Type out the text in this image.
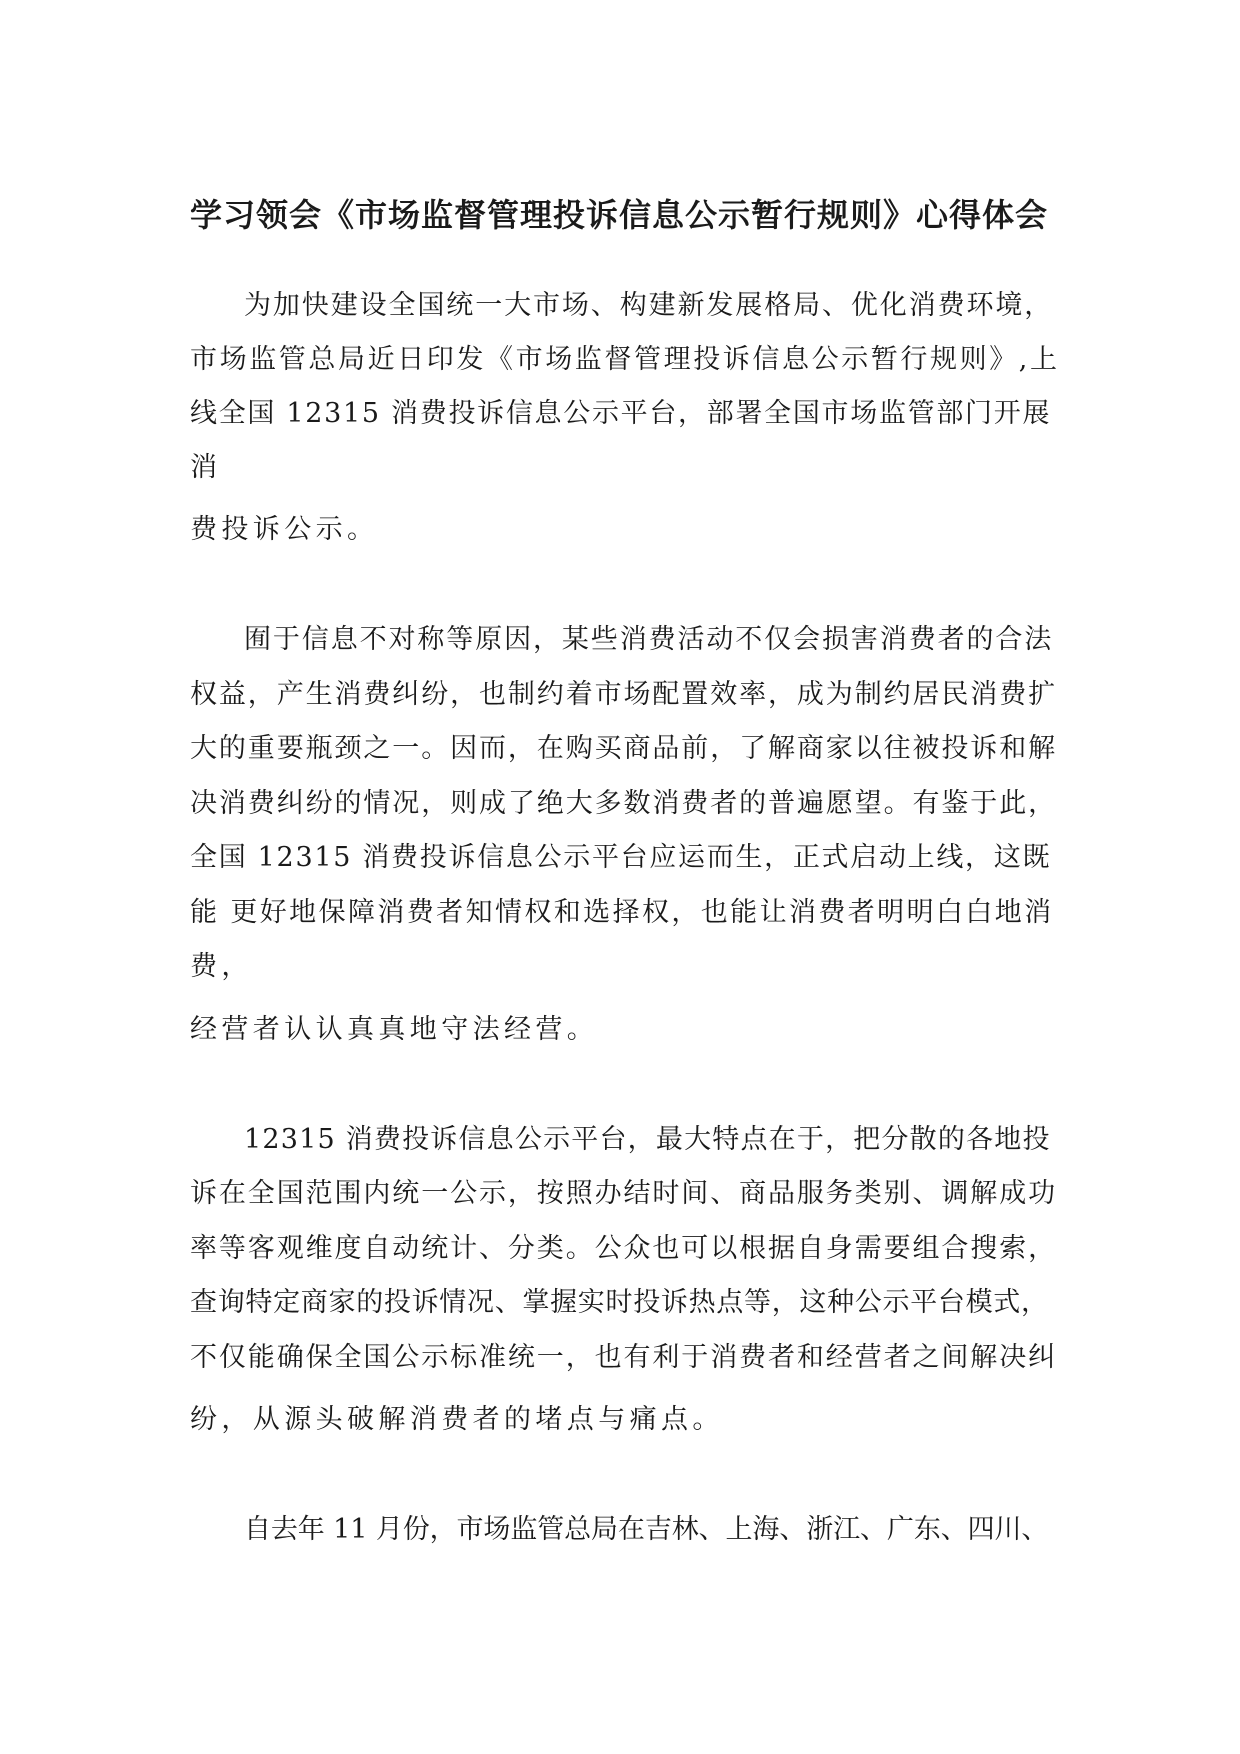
学习领会《市场监督管理投诉信息公示暂行规则》心得体会
为加快建设全国统一大市场、构建新发展格局、优化消费环境，
市场监管总局近日印发《市场监督管理投诉信息公示暂行规则》,上
线全国 12315 消费投诉信息公示平台，部署全国市场监管部门开展
消
费投诉公示。
囿于信息不对称等原因，某些消费活动不仅会损害消费者的合法
权益，产生消费纠纷，也制约着市场配置效率，成为制约居民消费扩
大的重要瓶颈之一。因而，在购买商品前，了解商家以往被投诉和解
决消费纠纷的情况，则成了绝大多数消费者的普遍愿望。有鉴于此，
全国 12315 消费投诉信息公示平台应运而生，正式启动上线，这既
能 更好地保障消费者知情权和选择权，也能让消费者明明白白地消
费，
经营者认认真真地守法经营。
12315 消费投诉信息公示平台，最大特点在于，把分散的各地投
诉在全国范围内统一公示，按照办结时间、商品服务类别、调解成功
率等客观维度自动统计、分类。公众也可以根据自身需要组合搜索，
查询特定商家的投诉情况、掌握实时投诉热点等，这种公示平台模式，
不仅能确保全国公示标准统一，也有利于消费者和经营者之间解决纠
纷，从源头破解消费者的堵点与痛点。
自去年 11 月份，市场监管总局在吉林、上海、浙江、广东、四川、
